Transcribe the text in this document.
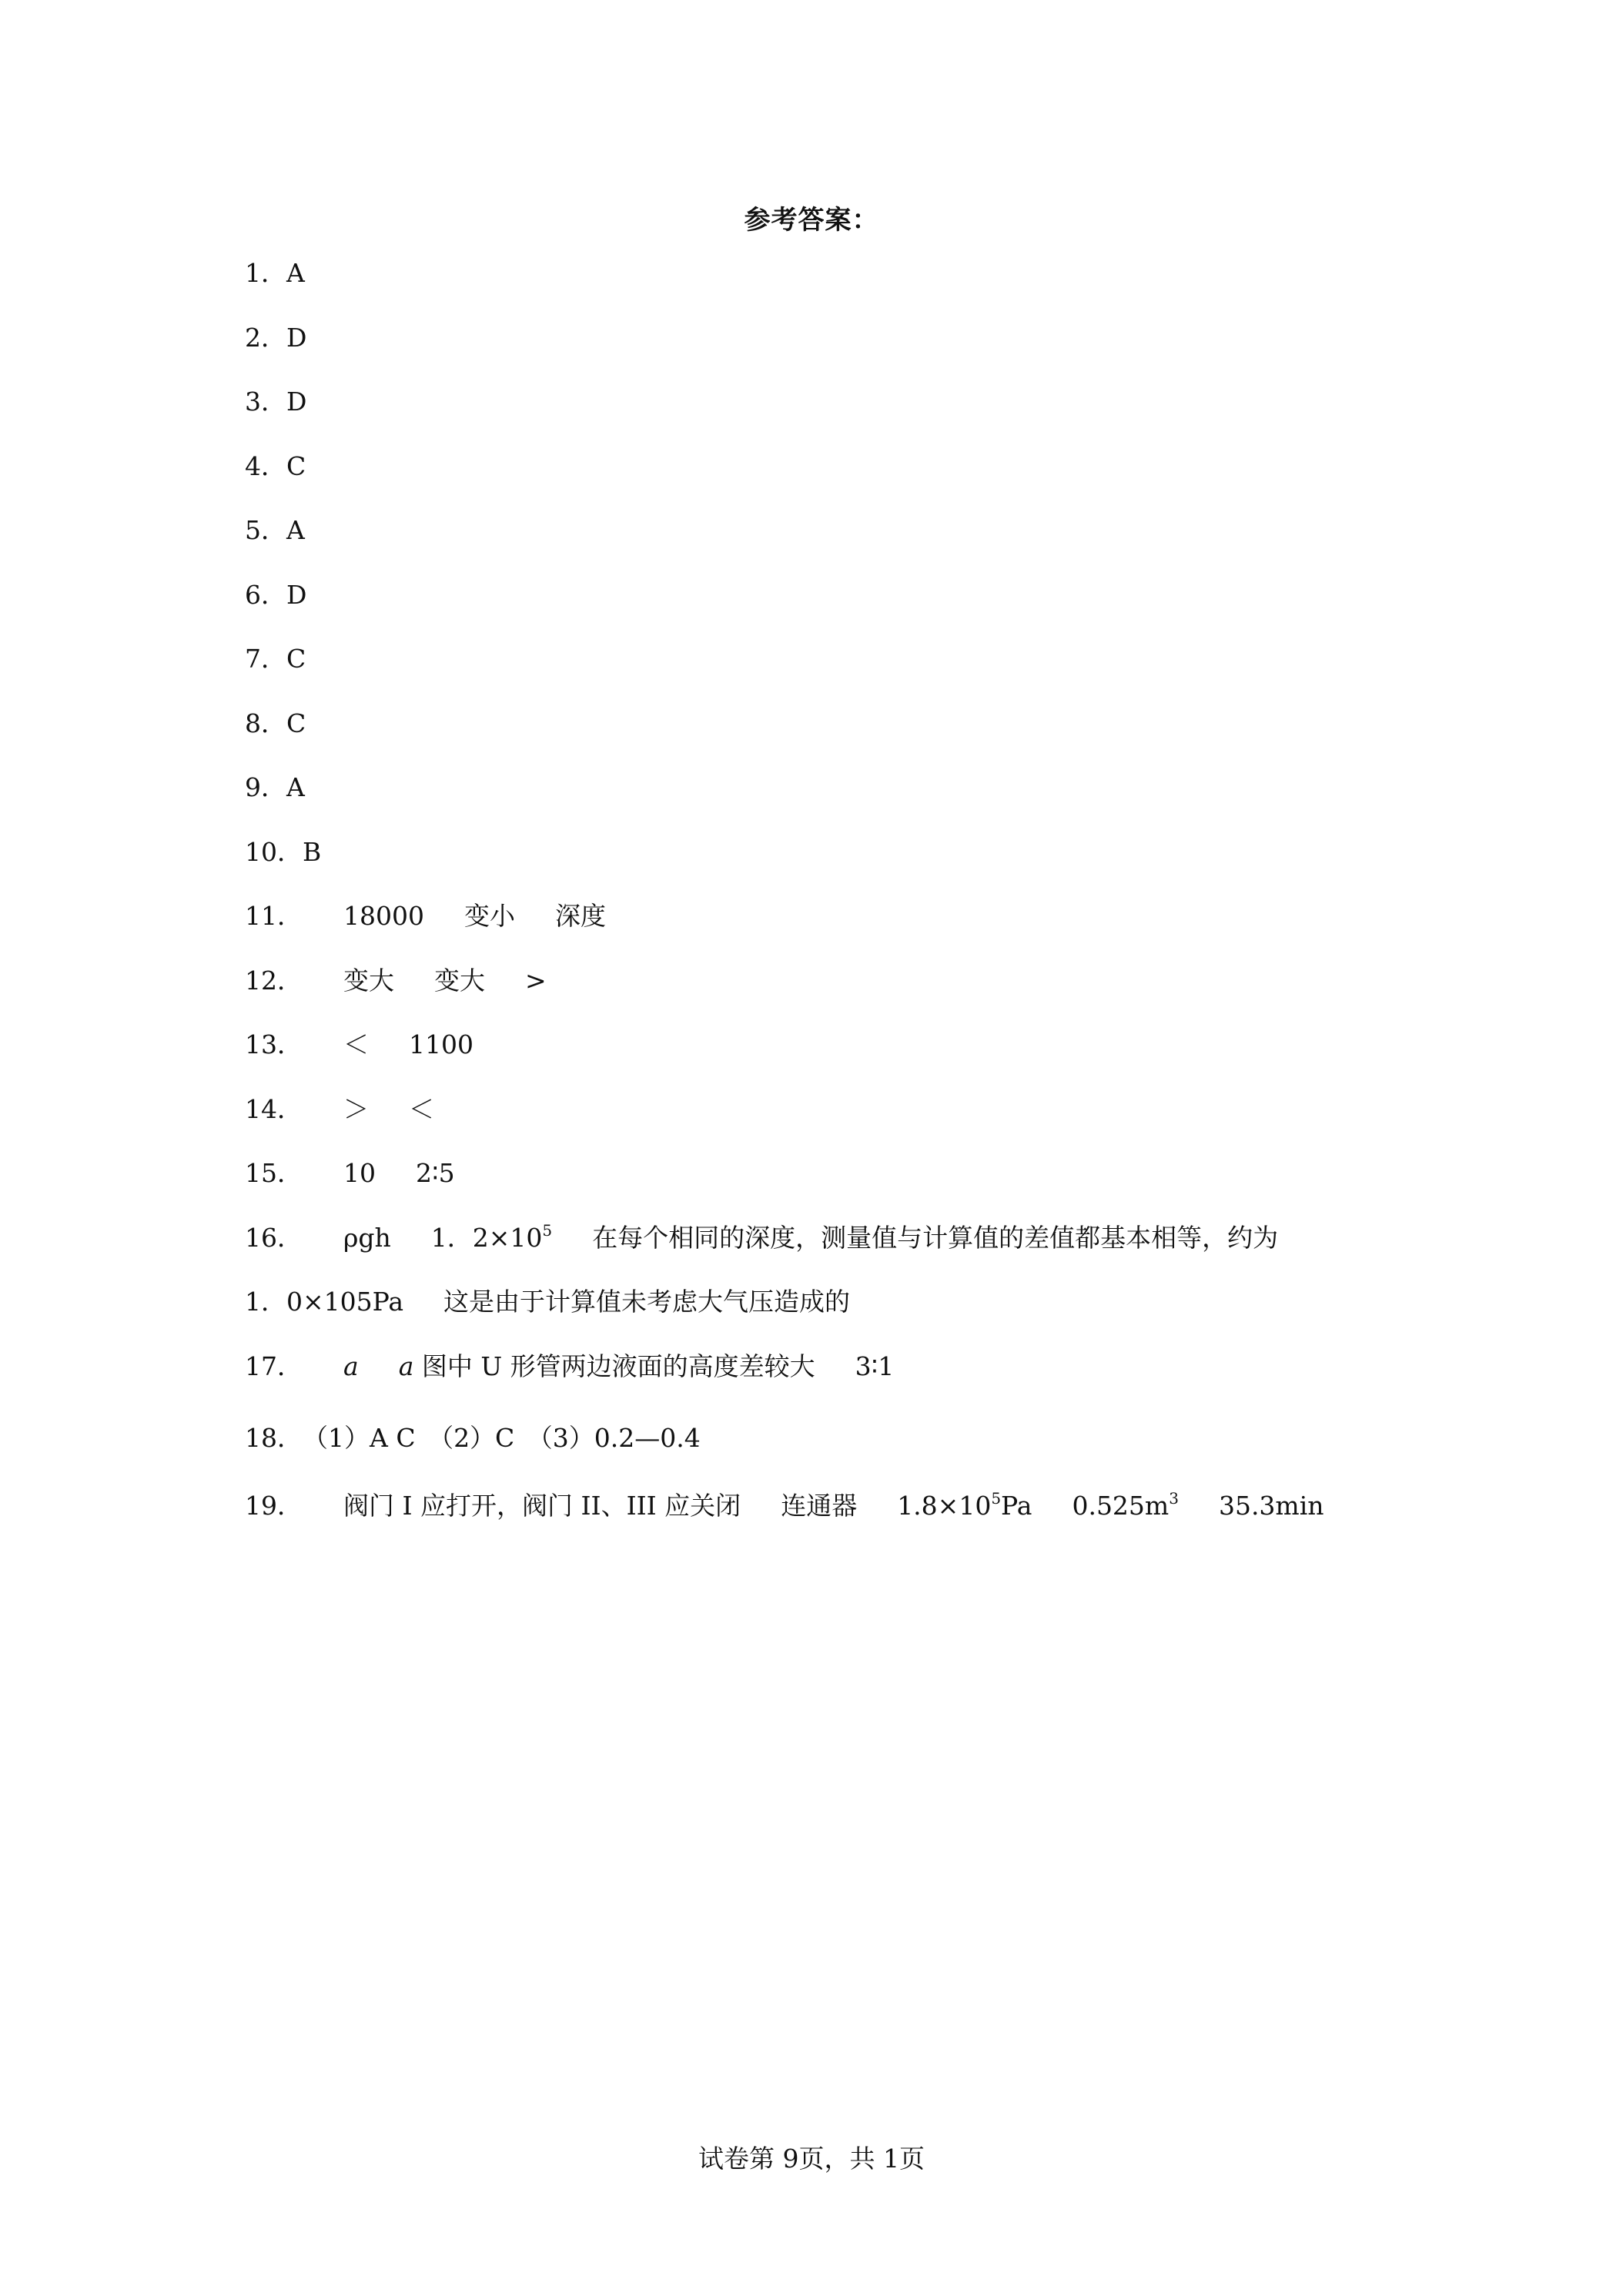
参考答案：
1．A
2．D
3．D
4．C
5．A
6．D
7．C
8．C
9．A
10．B
11． 18000 变小 深度
12． 变大 变大 >
13． ＜ 1100
14． ＞ ＜
15． 10 2∶5
16． ρgh 1．$2\times 10^5$ 在每个相同的深度，测量值与计算值的差值都基本相等，约为
1．0×105Pa 这是由于计算值未考虑大气压造成的
17． a a 图中 U 形管两边液面的高度差较大 3∶1
18．（1）A C　（2）C　（3）0.2—0.4
19． 阀门 I 应打开，阀门 II、III 应关闭 连通器 $1.8\times 10^5Pa$ $0.525m^3$ 35.3min
试卷第 9页，共 1页
